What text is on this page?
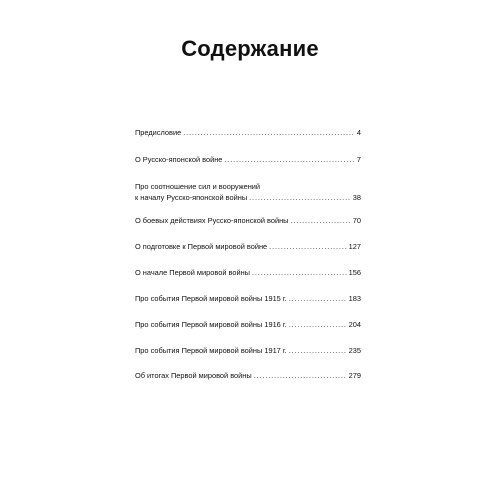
Содержание
Предисловие . . .	4
О Русско-японской войне . . .	7
Про соотношение сил и вооружений
к началу Русско-японской войны . . .	38
О боевых действиях Русско-японской войны . . .	70
О подготовке к Первой мировой войне . . .	127
О начале Первой мировой войны . . .	156
Про события Первой мировой войны 1915 г. . . .	183
Про события Первой мировой войны 1916 г. . . .	204
Про события Первой мировой войны 1917 г. . . .	235
Об итогах Первой мировой войны . . .	279
